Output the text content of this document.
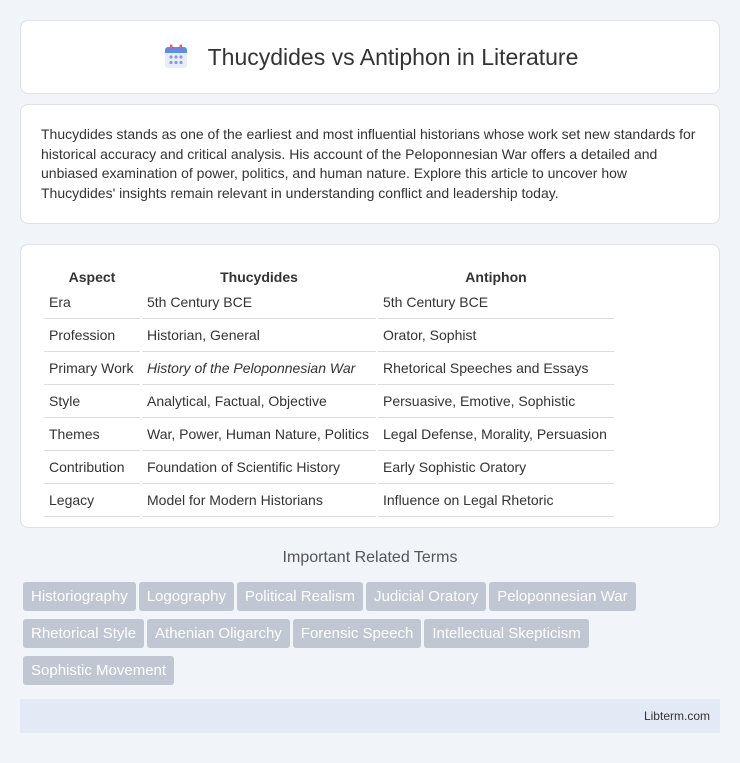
Thucydides vs Antiphon in Literature

Thucydides stands as one of the earliest and most influential historians whose work set new standards for historical accuracy and critical analysis. His account of the Peloponnesian War offers a detailed and unbiased examination of power, politics, and human nature. Explore this article to uncover how Thucydides' insights remain relevant in understanding conflict and leadership today.

Aspect	Thucydides	Antiphon
Era	5th Century BCE	5th Century BCE
Profession	Historian, General	Orator, Sophist
Primary Work	History of the Peloponnesian War	Rhetorical Speeches and Essays
Style	Analytical, Factual, Objective	Persuasive, Emotive, Sophistic
Themes	War, Power, Human Nature, Politics	Legal Defense, Morality, Persuasion
Contribution	Foundation of Scientific History	Early Sophistic Oratory
Legacy	Model for Modern Historians	Influence on Legal Rhetoric
Important Related Terms
Historiography Logography Political Realism Judicial Oratory Peloponnesian War
Rhetorical Style Athenian Oligarchy Forensic Speech Intellectual Skepticism
Sophistic Movement
Libterm.com
